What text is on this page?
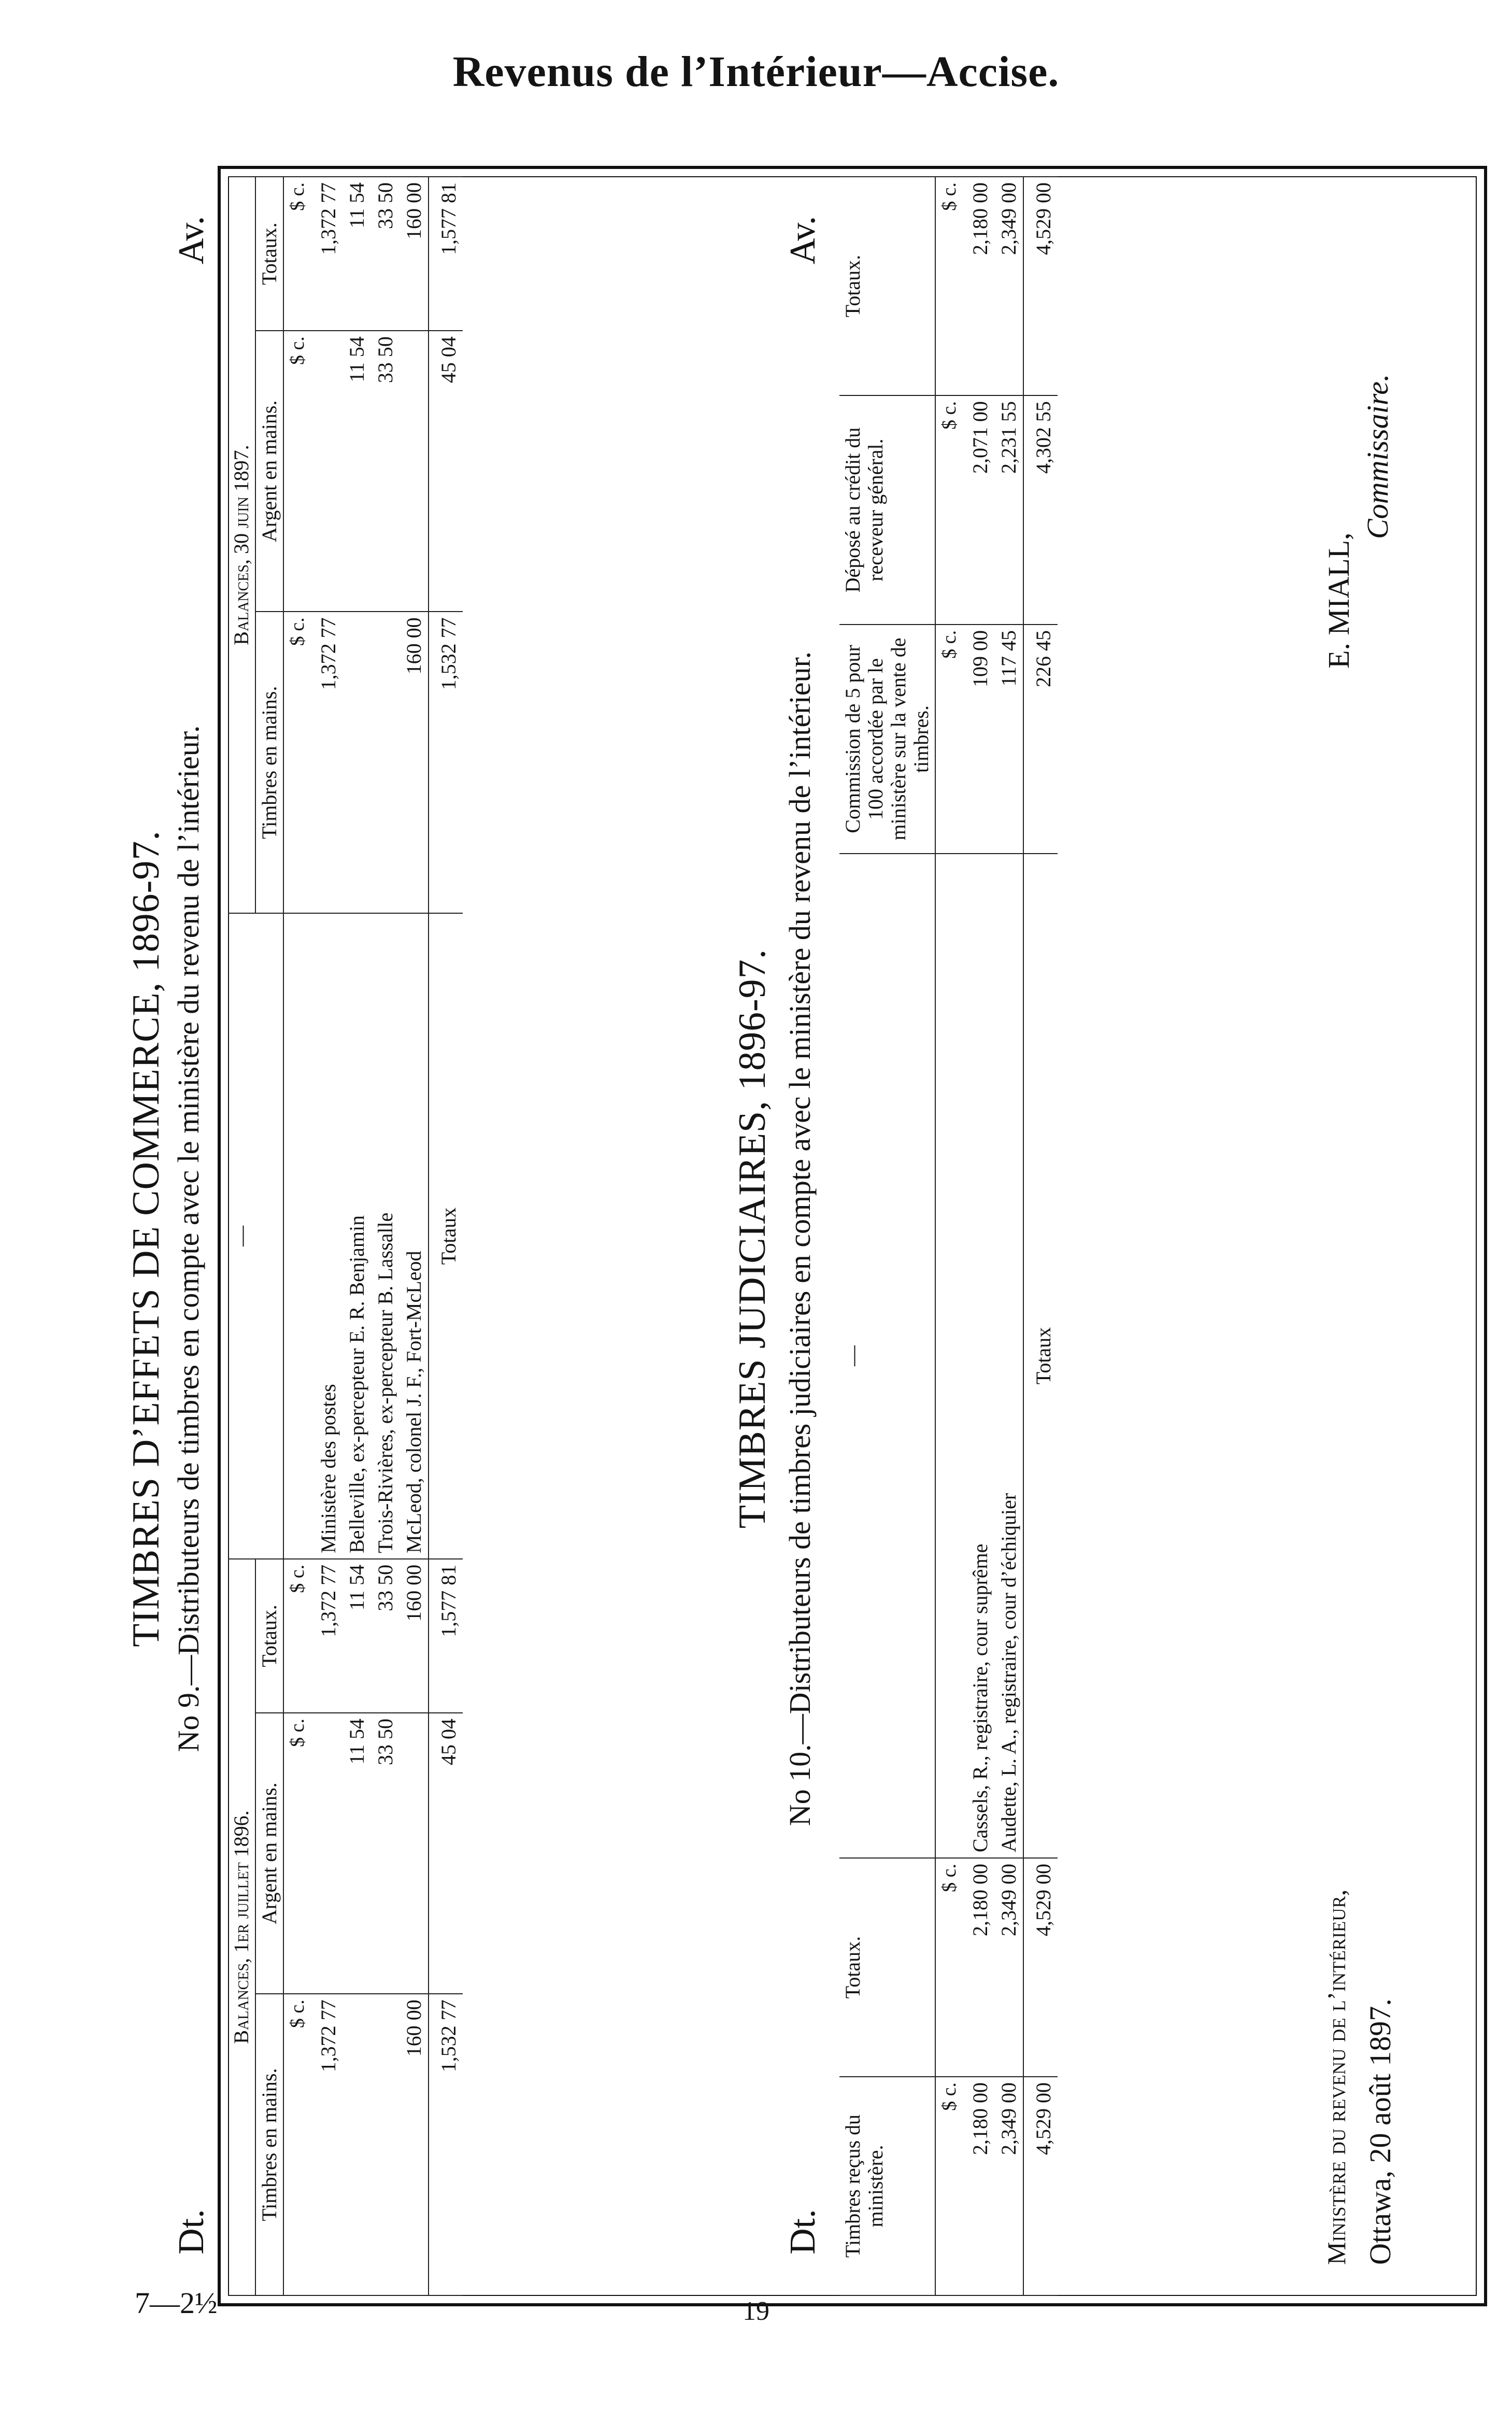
Revenus de l’Intérieur—Accise.
TIMBRES D’EFFETS DE COMMERCE, 1896-97.
Dt.
No 9.—Distributeurs de timbres en compte avec le ministère du revenu de l’intérieur.
Av.
Balances, 1er juillet 1896.			—	Balances, 30 juin 1897.		
Timbres en mains.	Argent en mains.	Totaux.		Timbres en mains.	Argent en mains.	Totaux.
$ c.	$ c.	$ c.		$ c.	$ c.	$ c.
1,372 77		1,372 77	Ministère des postes	1,372 77		1,372 77
	11 54	11 54	Belleville, ex-percepteur E. R. Benjamin		11 54	11 54
	33 50	33 50	Trois-Rivières, ex-percepteur B. Lassalle		33 50	33 50
160 00		160 00	McLeod, colonel J. F., Fort-McLeod	160 00		160 00
1,532 77	45 04	1,577 81	Totaux	1,532 77	45 04	1,577 81
TIMBRES JUDICIAIRES, 1896-97.
Dt.
No 10.—Distributeurs de timbres judiciaires en compte avec le ministère du revenu de l’intérieur.
Av.
Timbres reçus du ministère.	Totaux.	—	Commission de 5 pour 100 accordée par le ministère sur la vente de timbres.	Déposé au crédit du receveur général.	Totaux.
$ c.	$ c.		$ c.	$ c.	$ c.
2,180 00	2,180 00	Cassels, R., registraire, cour suprême	109 00	2,071 00	2,180 00
2,349 00	2,349 00	Audette, L. A., registraire, cour d’échiquier	117 45	2,231 55	2,349 00
4,529 00	4,529 00	Totaux	226 45	4,302 55	4,529 00
Ministère du revenu de l’intérieur, Ottawa, 20 août 1897.
E. MIALL,
Commissaire.
19
7—2½
